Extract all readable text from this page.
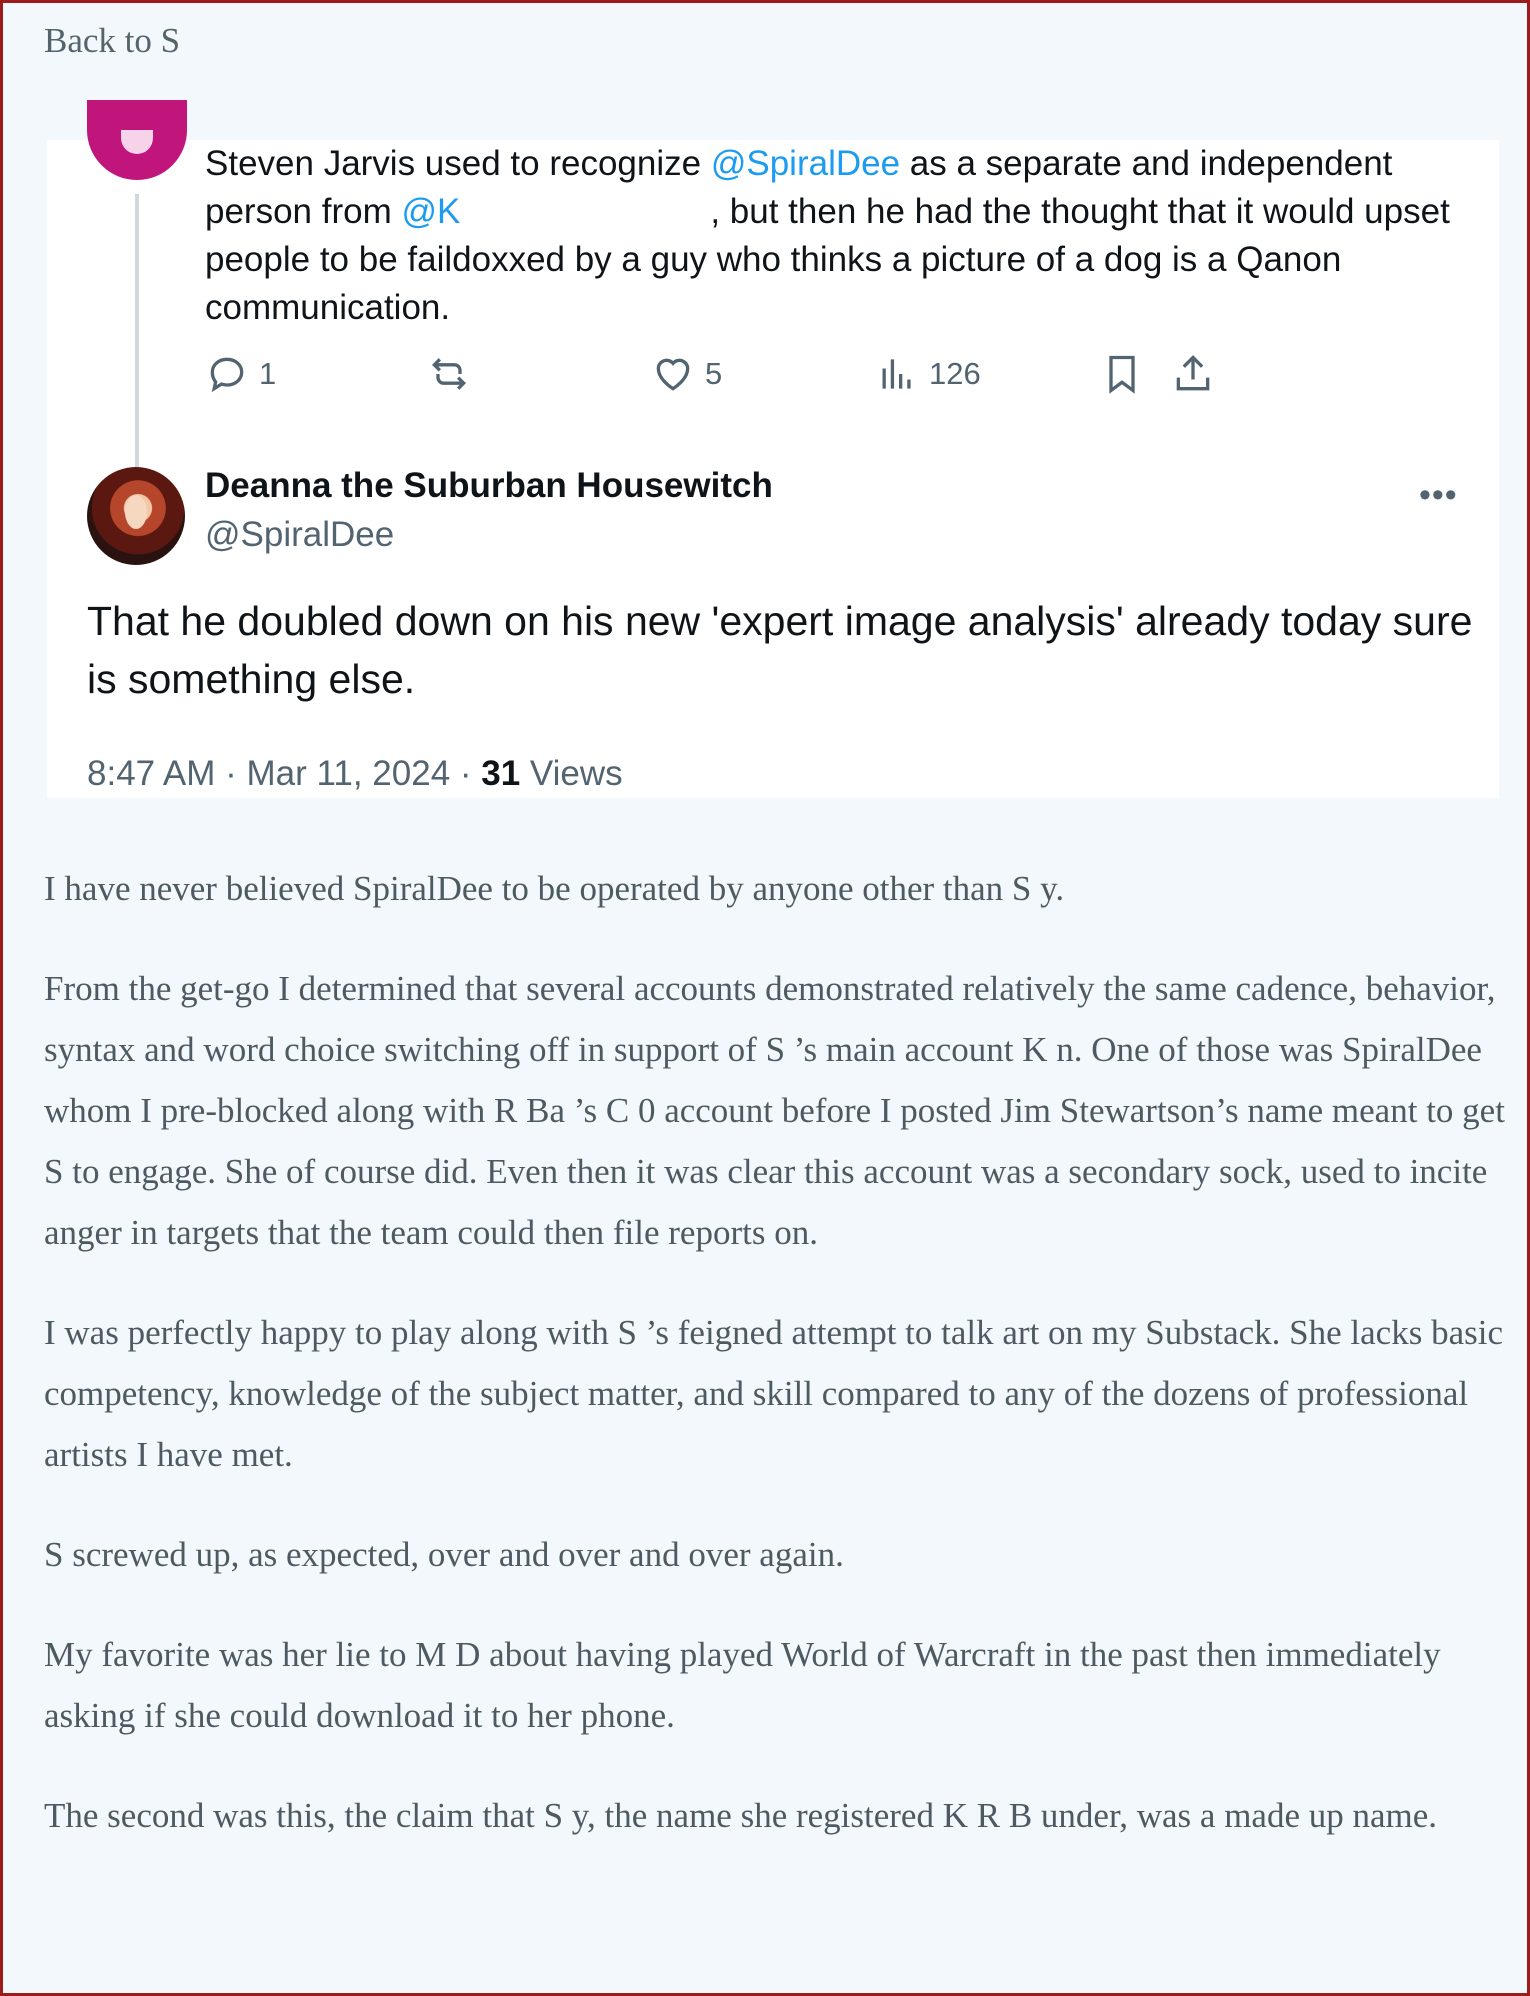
Back to S

Steven Jarvis used to recognize @SpiralDee as a separate and independent person from @K	, but then he had the thought that it would upset people to be faildoxxed by a guy who thinks a picture of a dog is a Qanon communication.

1	5	126
Deanna the Suburban Housewitch
@SpiralDee
•••

That he doubled down on his new 'expert image analysis' already today sure is something else.

8:47 AM · Mar 11, 2024 · 31 Views

I have never believed SpiralDee to be operated by anyone other than S y.

From the get-go I determined that several accounts demonstrated relatively the same cadence, behavior, syntax and word choice switching off in support of S ’s main account K n. One of those was SpiralDee whom I pre-blocked along with R Ba ’s C 0 account before I posted Jim Stewartson’s name meant to get S to engage. She of course did. Even then it was clear this account was a secondary sock, used to incite anger in targets that the team could then file reports on.

I was perfectly happy to play along with S ’s feigned attempt to talk art on my Substack. She lacks basic competency, knowledge of the subject matter, and skill compared to any of the dozens of professional artists I have met.

S screwed up, as expected, over and over and over again.

My favorite was her lie to M D about having played World of Warcraft in the past then immediately asking if she could download it to her phone.

The second was this, the claim that S y, the name she registered K R B under, was a made up name.
